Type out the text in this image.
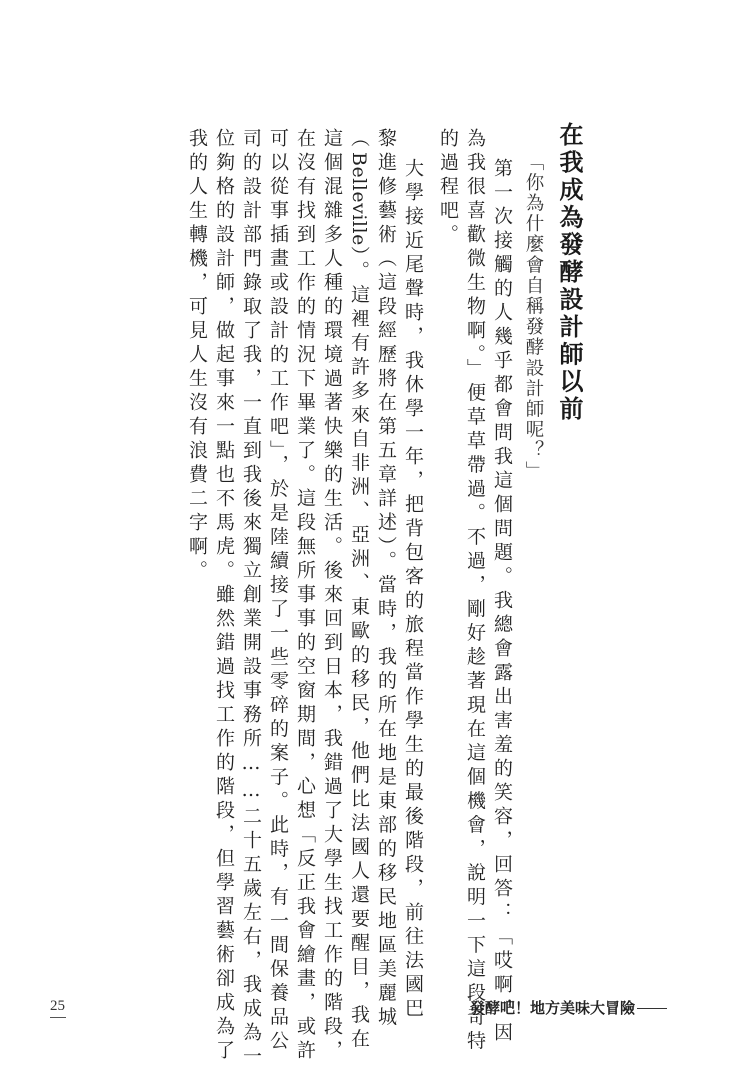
在我成為發酵設計師以前

「你為什麼會自稱發酵設計師呢？」

第一次接觸的人幾乎都會問我這個問題。我總會露出害羞的笑容，回答：「哎啊，因

為我很喜歡微生物啊。」便草草帶過。不過，剛好趁著現在這個機會，說明一下這段奇特

的過程吧。

大學接近尾聲時，我休學一年，把背包客的旅程當作學生的最後階段，前往法國巴

黎進修藝術（這段經歷將在第五章詳述）。當時，我的所在地是東部的移民地區美麗城

（Belleville）。這裡有許多來自非洲、亞洲、東歐的移民，他們比法國人還要醒目，我在

這個混雜多人種的環境過著快樂的生活。後來回到日本，我錯過了大學生找工作的階段，

在沒有找到工作的情況下畢業了。這段無所事事的空窗期間，心想「反正我會繪畫，或許

可以從事插畫或設計的工作吧」，於是陸續接了一些零碎的案子。此時，有一間保養品公

司的設計部門錄取了我，一直到我後來獨立創業開設事務所……二十五歲左右，我成為一

位夠格的設計師，做起事來一點也不馬虎。雖然錯過找工作的階段，但學習藝術卻成為了

我的人生轉機，可見人生沒有浪費二字啊。

25	發酵吧！地方美味大冒險
